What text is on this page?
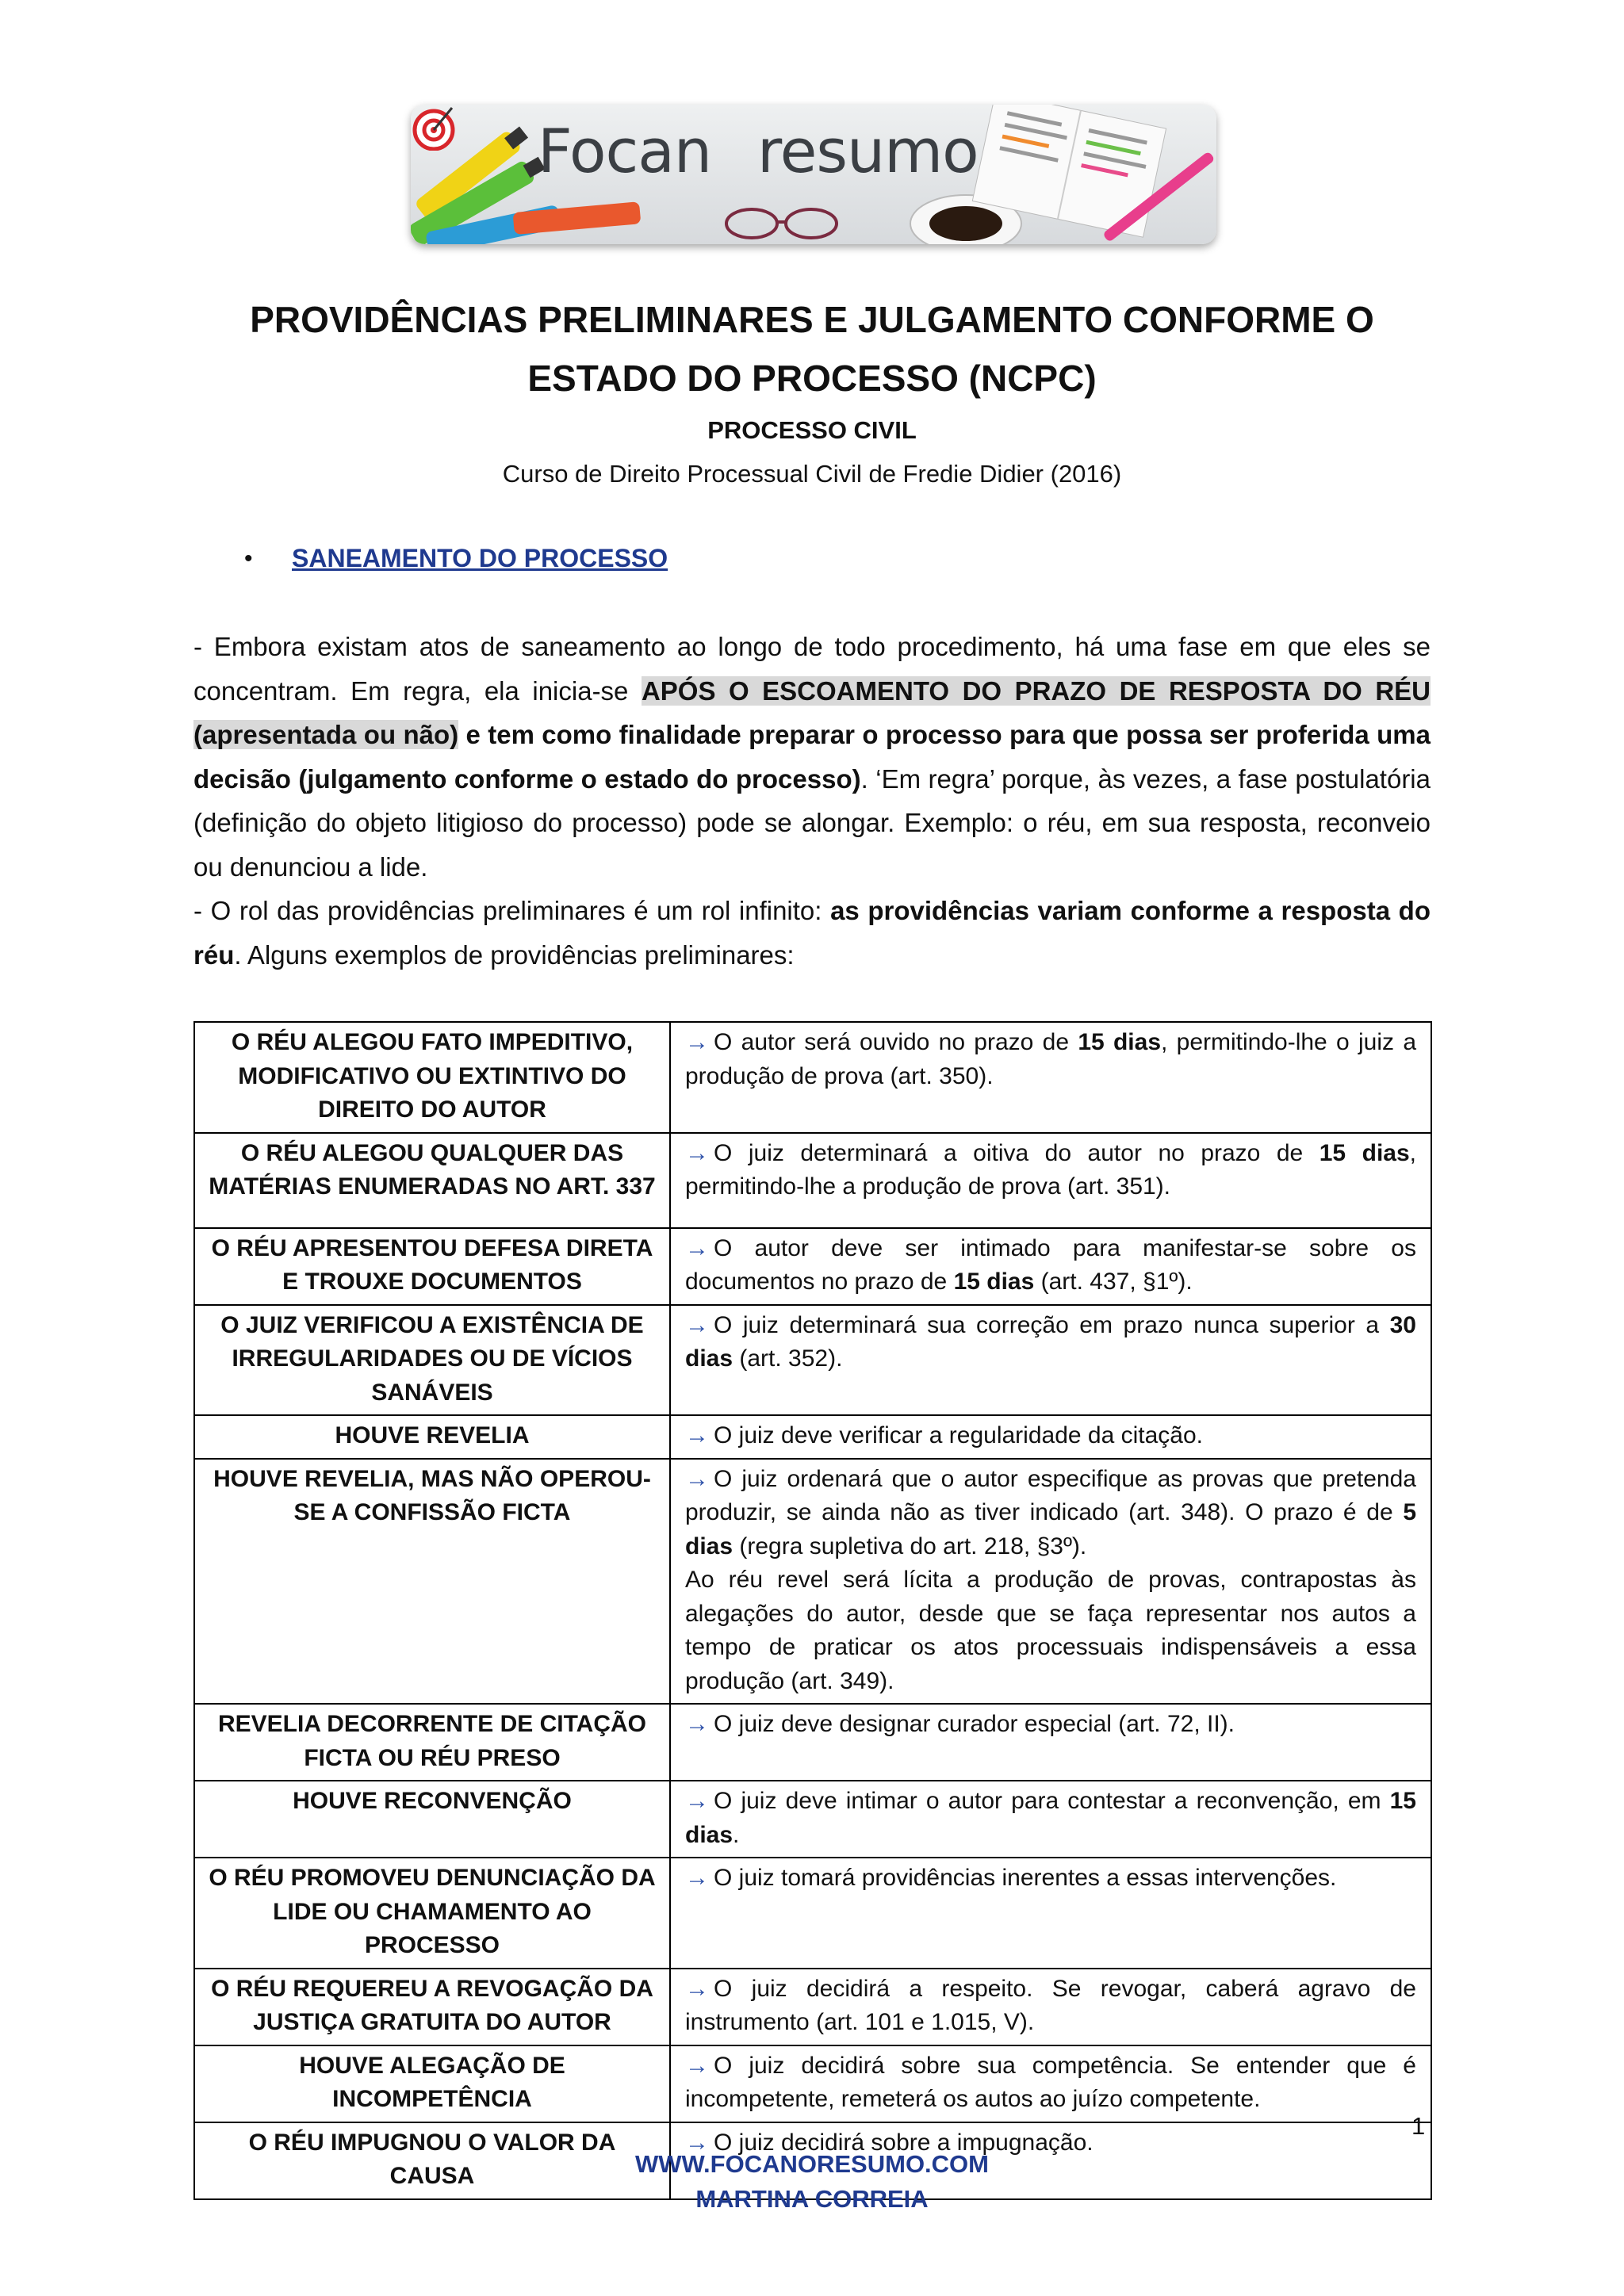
Focan resumo
PROVIDÊNCIAS PRELIMINARES E JULGAMENTO CONFORME O
ESTADO DO PROCESSO (NCPC)
PROCESSO CIVIL
Curso de Direito Processual Civil de Fredie Didier (2016)
•	SANEAMENTO DO PROCESSO
- Embora existam atos de saneamento ao longo de todo procedimento, há uma fase em que eles se concentram. Em regra, ela inicia-se APÓS O ESCOAMENTO DO PRAZO DE RESPOSTA DO RÉU (apresentada ou não) e tem como finalidade preparar o processo para que possa ser proferida uma decisão (julgamento conforme o estado do processo). ‘Em regra’ porque, às vezes, a fase postulatória (definição do objeto litigioso do processo) pode se alongar. Exemplo: o réu, em sua resposta, reconveio ou denunciou a lide.
- O rol das providências preliminares é um rol infinito: as providências variam conforme a resposta do réu. Alguns exemplos de providências preliminares:
O RÉU ALEGOU FATO IMPEDITIVO, MODIFICATIVO OU EXTINTIVO DO DIREITO DO AUTOR	→ O autor será ouvido no prazo de 15 dias, permitindo-lhe o juiz a produção de prova (art. 350).
O RÉU ALEGOU QUALQUER DAS MATÉRIAS ENUMERADAS NO ART. 337	→ O juiz determinará a oitiva do autor no prazo de 15 dias, permitindo-lhe a produção de prova (art. 351).
O RÉU APRESENTOU DEFESA DIRETA E TROUXE DOCUMENTOS	→ O autor deve ser intimado para manifestar-se sobre os documentos no prazo de 15 dias (art. 437, §1º).
O JUIZ VERIFICOU A EXISTÊNCIA DE IRREGULARIDADES OU DE VÍCIOS SANÁVEIS	→ O juiz determinará sua correção em prazo nunca superior a 30 dias (art. 352).
HOUVE REVELIA	→ O juiz deve verificar a regularidade da citação.
HOUVE REVELIA, MAS NÃO OPEROU-SE A CONFISSÃO FICTA	→ O juiz ordenará que o autor especifique as provas que pretenda produzir, se ainda não as tiver indicado (art. 348). O prazo é de 5 dias (regra supletiva do art. 218, §3º).
Ao réu revel será lícita a produção de provas, contrapostas às alegações do autor, desde que se faça representar nos autos a tempo de praticar os atos processuais indispensáveis a essa produção (art. 349).

REVELIA DECORRENTE DE CITAÇÃO FICTA OU RÉU PRESO	→ O juiz deve designar curador especial (art. 72, II).
HOUVE RECONVENÇÃO	→ O juiz deve intimar o autor para contestar a reconvenção, em 15 dias.
O RÉU PROMOVEU DENUNCIAÇÃO DA LIDE OU CHAMAMENTO AO PROCESSO	→ O juiz tomará providências inerentes a essas intervenções.
O RÉU REQUEREU A REVOGAÇÃO DA JUSTIÇA GRATUITA DO AUTOR	→ O juiz decidirá a respeito. Se revogar, caberá agravo de instrumento (art. 101 e 1.015, V).
HOUVE ALEGAÇÃO DE INCOMPETÊNCIA	→ O juiz decidirá sobre sua competência. Se entender que é incompetente, remeterá os autos ao juízo competente.
O RÉU IMPUGNOU O VALOR DA CAUSA	→ O juiz decidirá sobre a impugnação.
1
WWW.FOCANORESUMO.COM
MARTINA CORREIA
